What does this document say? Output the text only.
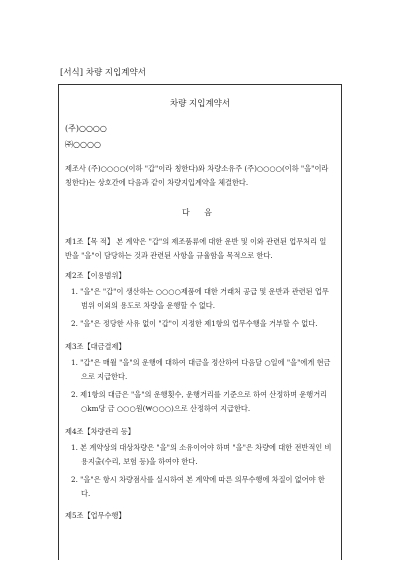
[서식] 차량 지입계약서
차량 지입계약서
(주)○○○○
㈜○○○○
제조사 (주)○○○○(이하 "갑"이라 칭한다)와 차량소유주 (주)○○○○(이하 "을"이라 칭한다)는 상호간에 다음과 같이 차량지입계약을 체결한다.
다 음
제1조【목 적】 본 계약은 "갑"의 제조품류에 대한 운반 및 이와 관련된 업무처리 일반을 "을"이 담당하는 것과 관련된 사항을 규율함을 목적으로 한다.
제2조【이용범위】
1. "을"은 "갑"이 생산하는 ○○○○제품에 대한 거래처 공급 및 운반과 관련된 업무범위 이외의 용도로 차량을 운행할 수 없다.
2. "을"은 정당한 사유 없이 "갑"이 지정한 제1항의 업무수행을 거부할 수 없다.
제3조【대금결제】
1. "갑"은 매월 "을"의 운행에 대하여 대금을 정산하여 다음달 ○일에 "을"에게 현금으로 지급한다.
2. 제1항의 대금은 "을"의 운행횟수, 운행거리를 기준으로 하여 산정하며 운행거리 ○km당 금 ○○○원(₩○○○)으로 산정하여 지급한다.
제4조【차량관리 등】
1. 본 계약상의 대상차량은 "을"의 소유이어야 하며 "을"은 차량에 대한 전반적인 비용지출(수리, 보험 등)을 하여야 한다.
2. "을"은 항시 차량점사를 실시하여 본 계약에 따른 의무수행에 차질이 없어야 한다.
제5조【업무수행】
